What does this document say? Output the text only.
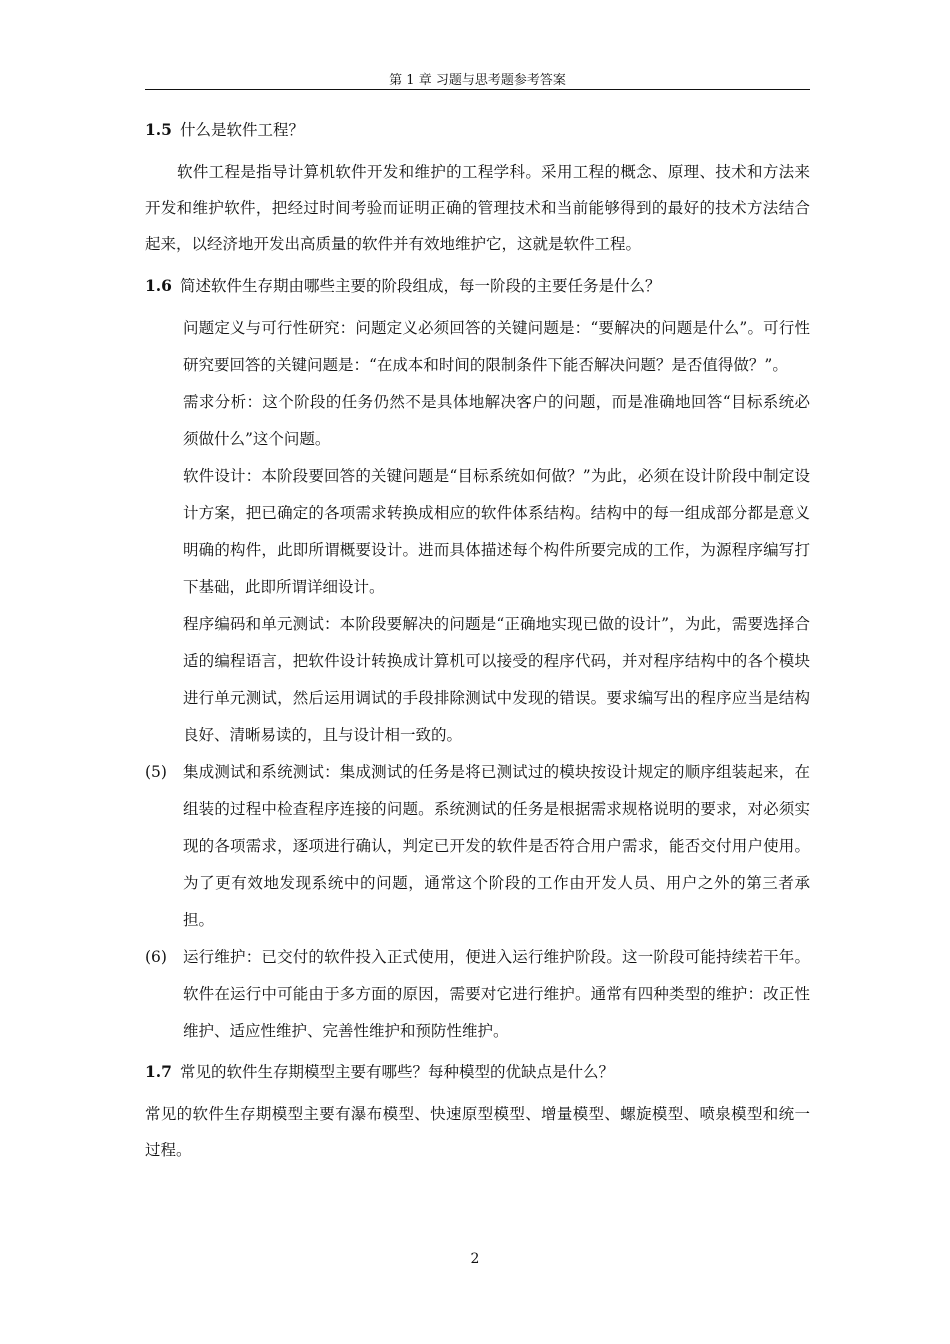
第 1 章 习题与思考题参考答案
1.5 什么是软件工程？
软件工程是指导计算机软件开发和维护的工程学科。采用工程的概念、原理、技术和方法来开发和维护软件，把经过时间考验而证明正确的管理技术和当前能够得到的最好的技术方法结合起来，以经济地开发出高质量的软件并有效地维护它，这就是软件工程。
1.6 简述软件生存期由哪些主要的阶段组成，每一阶段的主要任务是什么？
问题定义与可行性研究：问题定义必须回答的关键问题是：“要解决的问题是什么”。可行性研究要回答的关键问题是：“在成本和时间的限制条件下能否解决问题？是否值得做？”。
需求分析：这个阶段的任务仍然不是具体地解决客户的问题，而是准确地回答“目标系统必须做什么”这个问题。
软件设计：本阶段要回答的关键问题是“目标系统如何做？”为此，必须在设计阶段中制定设计方案，把已确定的各项需求转换成相应的软件体系结构。结构中的每一组成部分都是意义明确的构件，此即所谓概要设计。进而具体描述每个构件所要完成的工作，为源程序编写打下基础，此即所谓详细设计。
程序编码和单元测试：本阶段要解决的问题是“正确地实现已做的设计”，为此，需要选择合适的编程语言，把软件设计转换成计算机可以接受的程序代码，并对程序结构中的各个模块进行单元测试，然后运用调试的手段排除测试中发现的错误。要求编写出的程序应当是结构良好、清晰易读的，且与设计相一致的。
(5) 集成测试和系统测试：集成测试的任务是将已测试过的模块按设计规定的顺序组装起来，在组装的过程中检查程序连接的问题。系统测试的任务是根据需求规格说明的要求，对必须实现的各项需求，逐项进行确认，判定已开发的软件是否符合用户需求，能否交付用户使用。为了更有效地发现系统中的问题，通常这个阶段的工作由开发人员、用户之外的第三者承担。
(6) 运行维护：已交付的软件投入正式使用，便进入运行维护阶段。这一阶段可能持续若干年。软件在运行中可能由于多方面的原因，需要对它进行维护。通常有四种类型的维护：改正性维护、适应性维护、完善性维护和预防性维护。
1.7 常见的软件生存期模型主要有哪些？每种模型的优缺点是什么？
常见的软件生存期模型主要有瀑布模型、快速原型模型、增量模型、螺旋模型、喷泉模型和统一过程。
2
